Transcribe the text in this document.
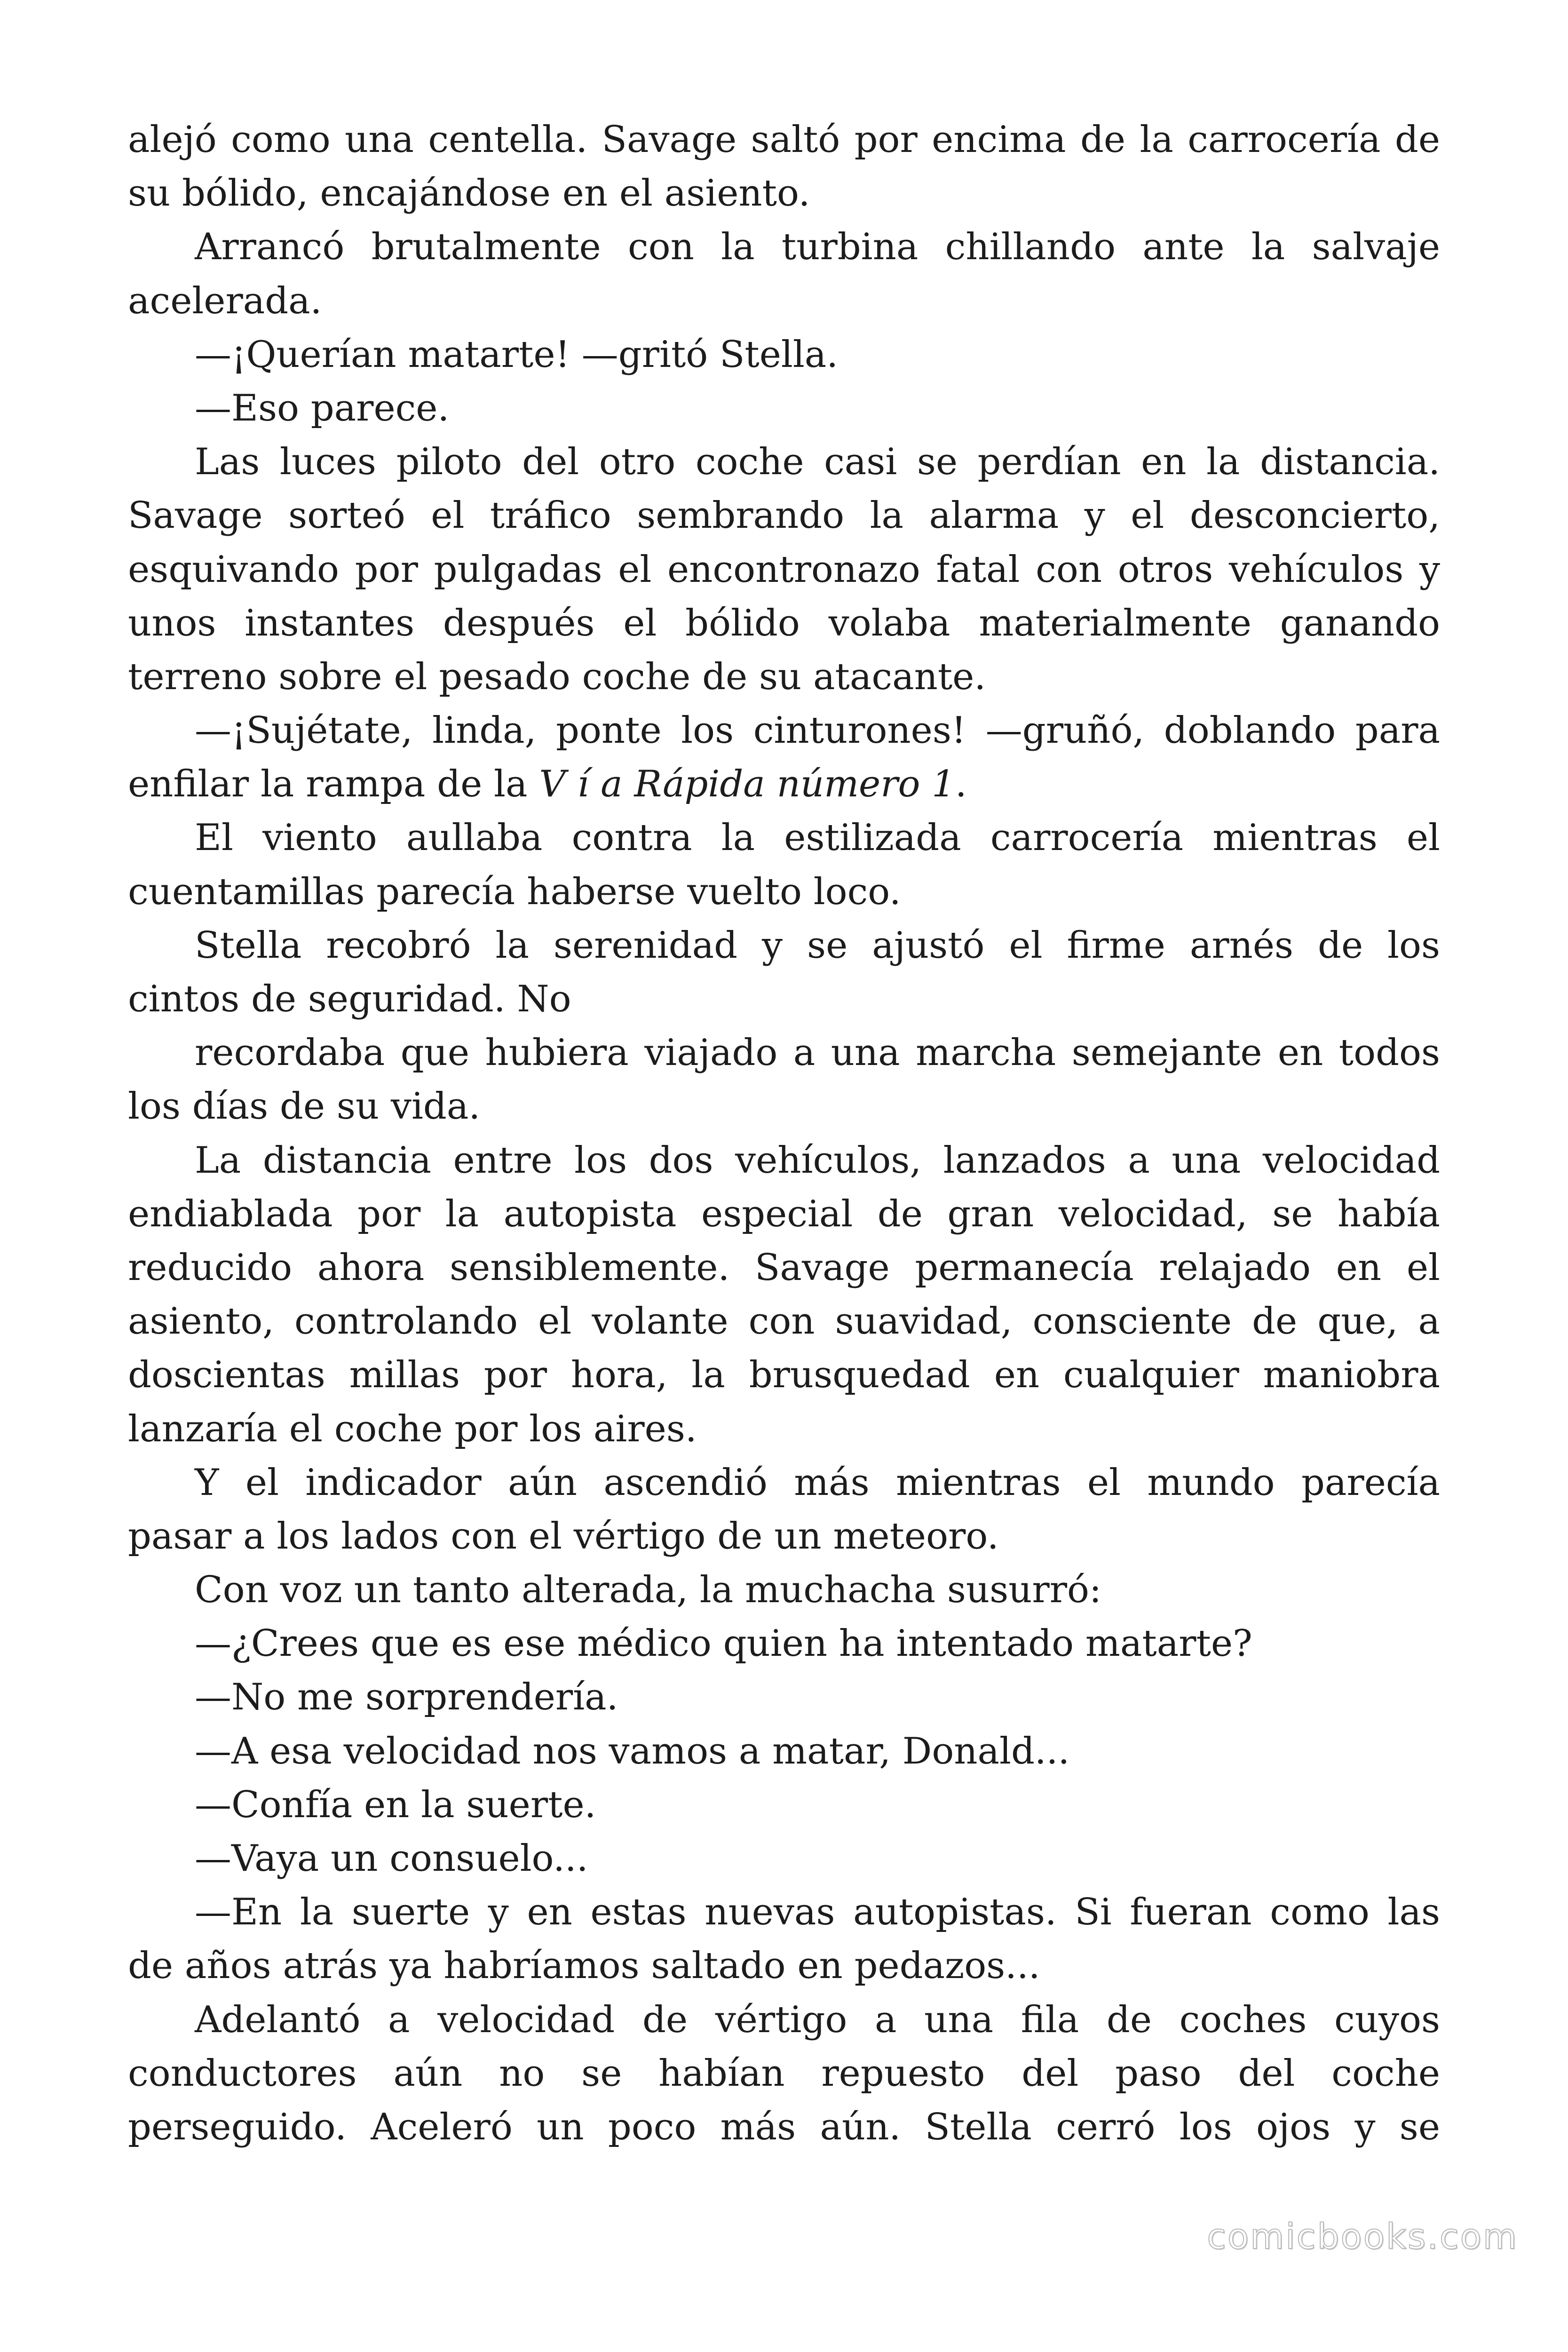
alejó como una centella. Savage saltó por encima de la carrocería de
su bólido, encajándose en el asiento.
Arrancó brutalmente con la turbina chillando ante la salvaje
acelerada.
—¡Querían matarte! —gritó Stella.
—Eso parece.
Las luces piloto del otro coche casi se perdían en la distancia.
Savage sorteó el tráfico sembrando la alarma y el desconcierto,
esquivando por pulgadas el encontronazo fatal con otros vehículos y
unos instantes después el bólido volaba materialmente ganando
terreno sobre el pesado coche de su atacante.
—¡Sujétate, linda, ponte los cinturones! —gruñó, doblando para
enfilar la rampa de la V í a Rápida número 1.
El viento aullaba contra la estilizada carrocería mientras el
cuentamillas parecía haberse vuelto loco.
Stella recobró la serenidad y se ajustó el firme arnés de los
cintos de seguridad. No
recordaba que hubiera viajado a una marcha semejante en todos
los días de su vida.
La distancia entre los dos vehículos, lanzados a una velocidad
endiablada por la autopista especial de gran velocidad, se había
reducido ahora sensiblemente. Savage permanecía relajado en el
asiento, controlando el volante con suavidad, consciente de que, a
doscientas millas por hora, la brusquedad en cualquier maniobra
lanzaría el coche por los aires.
Y el indicador aún ascendió más mientras el mundo parecía
pasar a los lados con el vértigo de un meteoro.
Con voz un tanto alterada, la muchacha susurró:
—¿Crees que es ese médico quien ha intentado matarte?
—No me sorprendería.
—A esa velocidad nos vamos a matar, Donald...
—Confía en la suerte.
—Vaya un consuelo...
—En la suerte y en estas nuevas autopistas. Si fueran como las
de años atrás ya habríamos saltado en pedazos...
Adelantó a velocidad de vértigo a una fila de coches cuyos
conductores aún no se habían repuesto del paso del coche
perseguido. Aceleró un poco más aún. Stella cerró los ojos y se
comicbooks.com
